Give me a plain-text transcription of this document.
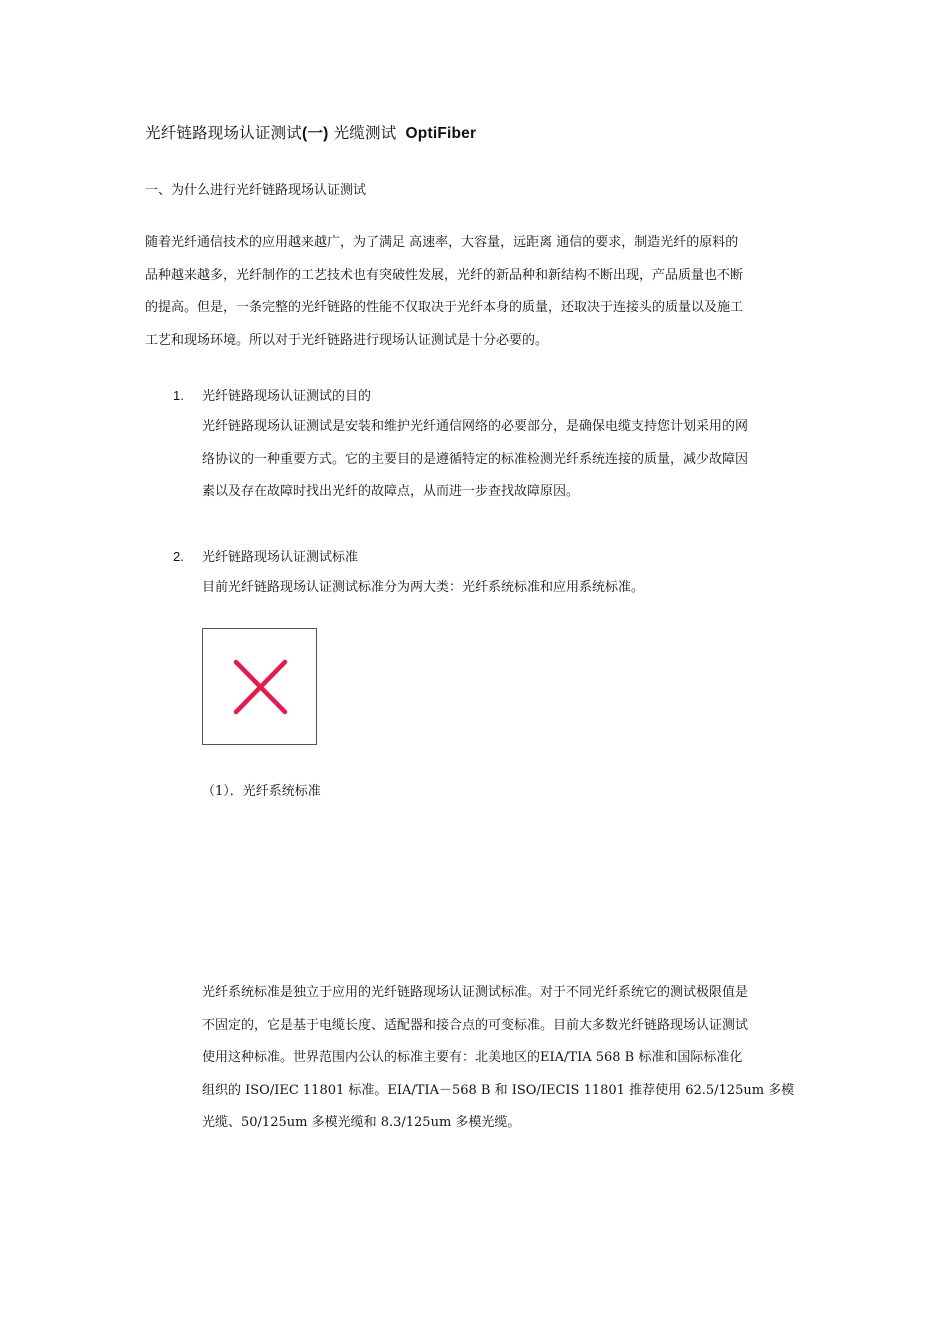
光纤链路现场认证测试(一) 光缆测试 OptiFiber
一、为什么进行光纤链路现场认证测试
随着光纤通信技术的应用越来越广，为了满足 高速率，大容量，远距离 通信的要求，制造光纤的原料的
品种越来越多，光纤制作的工艺技术也有突破性发展，光纤的新品种和新结构不断出现，产品质量也不断
的提高。但是，一条完整的光纤链路的性能不仅取决于光纤本身的质量，还取决于连接头的质量以及施工
工艺和现场环境。所以对于光纤链路进行现场认证测试是十分必要的。
1. 光纤链路现场认证测试的目的
光纤链路现场认证测试是安装和维护光纤通信网络的必要部分，是确保电缆支持您计划采用的网
络协议的一种重要方式。它的主要目的是遵循特定的标准检测光纤系统连接的质量，减少故障因
素以及存在故障时找出光纤的故障点，从而进一步查找故障原因。
2. 光纤链路现场认证测试标准
目前光纤链路现场认证测试标准分为两大类：光纤系统标准和应用系统标准。
（1）．光纤系统标准
光纤系统标准是独立于应用的光纤链路现场认证测试标准。对于不同光纤系统它的测试极限值是
不固定的，它是基于电缆长度、适配器和接合点的可变标准。目前大多数光纤链路现场认证测试
使用这种标准。世界范围内公认的标准主要有：北美地区的EIA/TIA 568 B 标准和国际标准化
组织的 ISO/IEC 11801 标准。EIA/TIA－568 B 和 ISO/IECIS 11801 推荐使用 62.5/125um 多模
光缆、50/125um 多模光缆和 8.3/125um 多模光缆。
